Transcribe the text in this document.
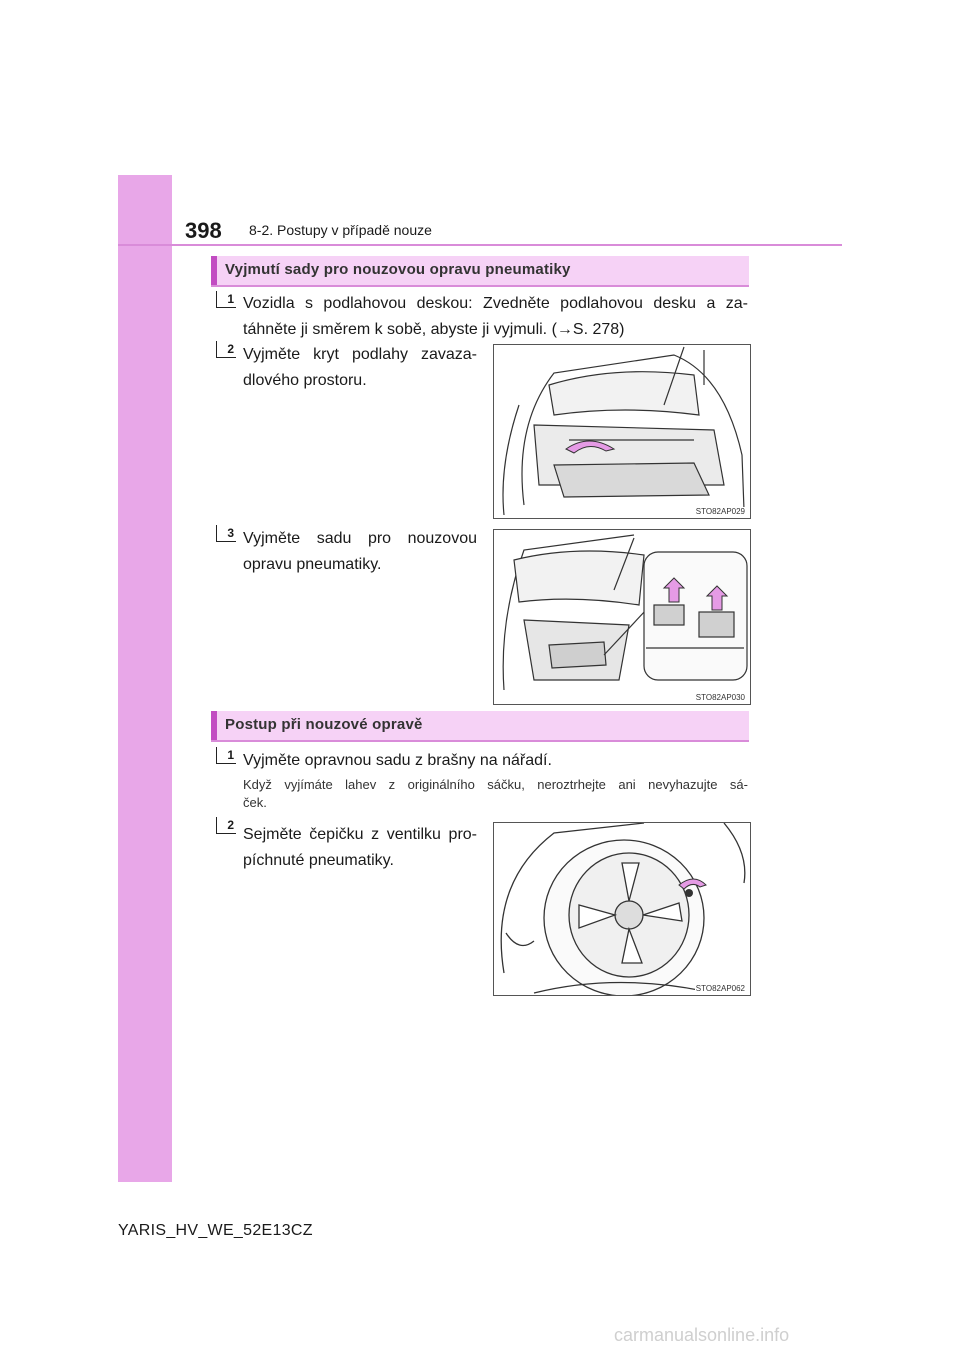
398 8-2. Postupy v případě nouze
Vyjmutí sady pro nouzovou opravu pneumatiky
1 Vozidla s podlahovou deskou: Zvedněte podlahovou desku a za-
táhněte ji směrem k sobě, abyste ji vyjmuli. (→S. 278)
2 Vyjměte kryt podlahy zavaza-
dlového prostoru.
STO82AP029
3 Vyjměte sadu pro nouzovou
opravu pneumatiky.
STO82AP030
Postup při nouzové opravě
1 Vyjměte opravnou sadu z brašny na nářadí.
Když vyjímáte lahev z originálního sáčku, neroztrhejte ani nevyhazujte sá-
ček.
2
Sejměte čepičku z ventilku pro-
píchnuté pneumatiky.
STO82AP062
YARIS_HV_WE_52E13CZ
carmanualsonline.info
